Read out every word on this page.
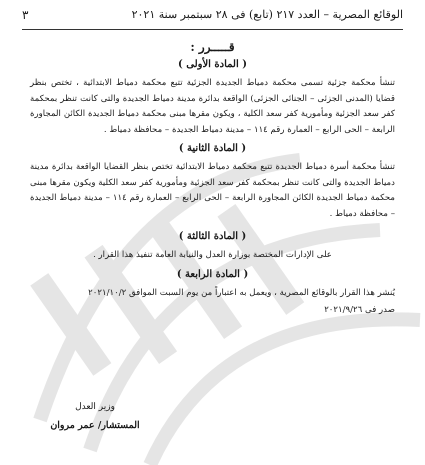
الوقائع المصرية – العدد ٢١٧ (تابع) فى ٢٨ سبتمبر سنة ٢٠٢١
٣
قـــــرر :
( المادة الأولى )

تنشأ محكمة جزئية تسمى محكمة دمياط الجديدة الجزئية تتبع محكمة دمياط الابتدائية ، تختص بنظر قضايا (المدنى الجزئى – الجنائى الجزئى) الواقعة بدائرة مدينة دمياط الجديدة والتى كانت تنظر بمحكمة كفر سعد الجزئية ومأمورية كفر سعد الكلية ، ويكون مقرها مبنى محكمة دمياط الجديدة الكائن المجاورة الرابعة – الحى الرابع – العمارة رقم ١١٤ – مدينة دمياط الجديدة – محافظة دمياط .

( المادة الثانية )

تنشأ محكمة أسرة دمياط الجديدة تتبع محكمة دمياط الابتدائية تختص بنظر القضايا الواقعة بدائرة مدينة دمياط الجديدة والتى كانت تنظر بمحكمة كفر سعد الجزئية ومأمورية كفر سعد الكلية ويكون مقرها مبنى محكمة دمياط الجديدة الكائن المجاورة الرابعة – الحى الرابع – العمارة رقم ١١٤ – مدينة دمياط الجديدة – محافظة دمياط .

( المادة الثالثة )

على الإدارات المختصة بوزارة العدل والنيابة العامة تنفيذ هذا القرار .

( المادة الرابعة )

يُنشر هذا القرار بالوقائع المصرية ، ويعمل به اعتباراً من يوم السبت الموافق ٢٠٢١/١٠/٢

صدر فى ٢٠٢١/٩/٢٦

وزير العدل
المستشار/ عمر مروان
